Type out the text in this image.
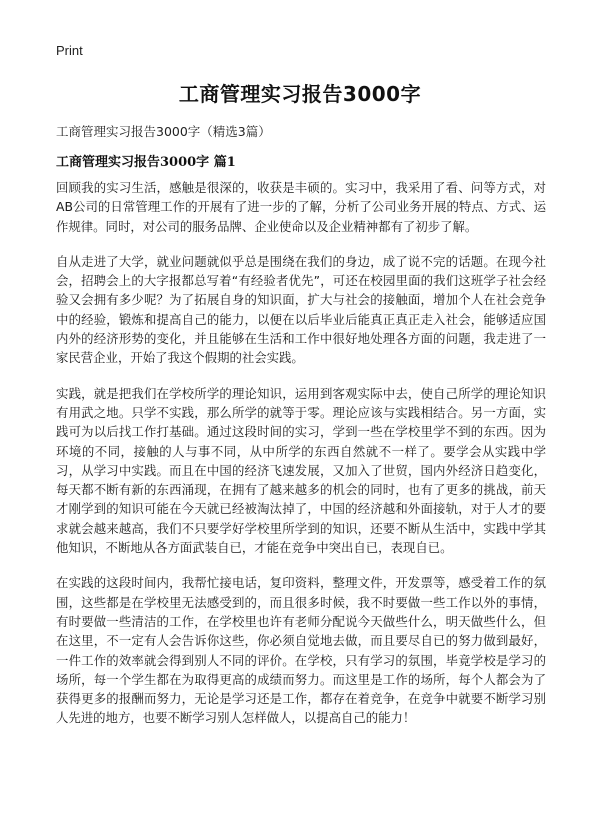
Print
工商管理实习报告3000字
工商管理实习报告3000字（精选3篇）
工商管理实习报告3000字 篇1

回顾我的实习生活，感触是很深的，收获是丰硕的。实习中，我采用了看、问等方式，对AB公司的日常管理工作的开展有了进一步的了解，分析了公司业务开展的特点、方式、运作规律。同时，对公司的服务品牌、企业使命以及企业精神都有了初步了解。

自从走进了大学，就业问题就似乎总是围绕在我们的身边，成了说不完的话题。在现今社会，招聘会上的大字报都总写着“有经验者优先”，可还在校园里面的我们这班学子社会经验又会拥有多少呢？为了拓展自身的知识面，扩大与社会的接触面，增加个人在社会竞争中的经验，锻炼和提高自己的能力，以便在以后毕业后能真正真正走入社会，能够适应国内外的经济形势的变化，并且能够在生活和工作中很好地处理各方面的问题，我走进了一家民营企业，开始了我这个假期的社会实践。

实践，就是把我们在学校所学的理论知识，运用到客观实际中去，使自己所学的理论知识有用武之地。只学不实践，那么所学的就等于零。理论应该与实践相结合。另一方面，实践可为以后找工作打基础。通过这段时间的实习，学到一些在学校里学不到的东西。因为环境的不同，接触的人与事不同，从中所学的东西自然就不一样了。要学会从实践中学习，从学习中实践。而且在中国的经济飞速发展，又加入了世贸，国内外经济日趋变化，每天都不断有新的东西涌现，在拥有了越来越多的机会的同时，也有了更多的挑战，前天才刚学到的知识可能在今天就已经被淘汰掉了，中国的经济越和外面接轨，对于人才的要求就会越来越高，我们不只要学好学校里所学到的知识，还要不断从生活中，实践中学其他知识，不断地从各方面武装自已，才能在竞争中突出自已，表现自已。

在实践的这段时间内，我帮忙接电话，复印资料，整理文件，开发票等，感受着工作的氛围，这些都是在学校里无法感受到的，而且很多时候，我不时要做一些工作以外的事情，有时要做一些清洁的工作，在学校里也许有老师分配说今天做些什么，明天做些什么，但在这里，不一定有人会告诉你这些，你必须自觉地去做，而且要尽自已的努力做到最好，一件工作的效率就会得到别人不同的评价。在学校，只有学习的氛围，毕竟学校是学习的场所，每一个学生都在为取得更高的成绩而努力。而这里是工作的场所，每个人都会为了获得更多的报酬而努力，无论是学习还是工作，都存在着竞争，在竞争中就要不断学习别人先进的地方，也要不断学习别人怎样做人，以提高自己的能力！
